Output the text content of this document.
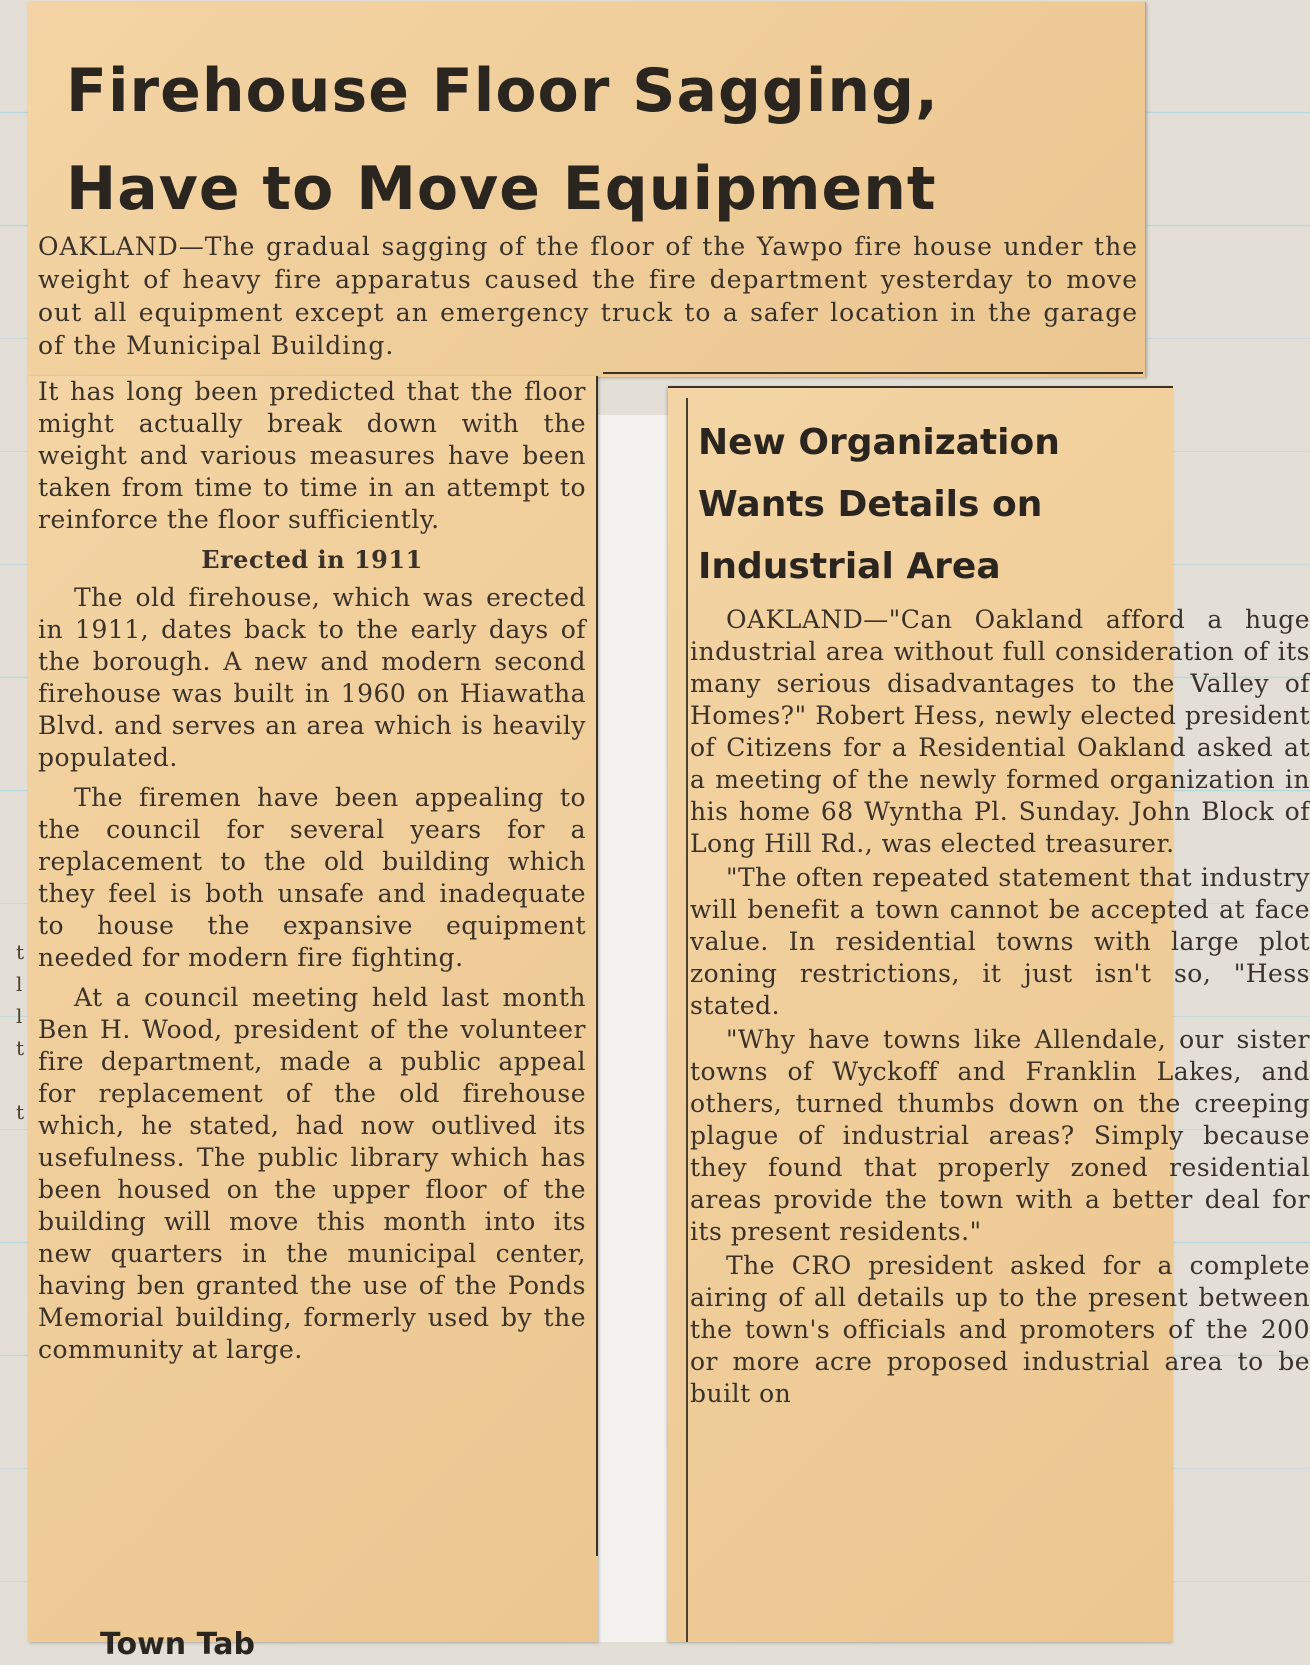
t
l
l
t
t
Firehouse Floor Sagging, Have to Move Equipment

OAKLAND—The gradual sagging of the floor of the Yawpo fire house under the weight of heavy fire apparatus caused the fire department yesterday to move out all equipment except an emergency truck to a safer location in the garage of the Municipal Building.

It has long been predicted that the floor might actually break down with the weight and various measures have been taken from time to time in an attempt to reinforce the floor sufficiently.

Erected in 1911

The old firehouse, which was erected in 1911, dates back to the early days of the borough. A new and modern second firehouse was built in 1960 on Hiawatha Blvd. and serves an area which is heavily populated.

The firemen have been appealing to the council for several years for a replacement to the old building which they feel is both unsafe and inadequate to house the expansive equipment needed for modern fire fighting.

At a council meeting held last month Ben H. Wood, president of the volunteer fire department, made a public appeal for replacement of the old firehouse which, he stated, had now outlived its usefulness. The public library which has been housed on the upper floor of the building will move this month into its new quarters in the municipal center, having ben granted the use of the Ponds Memorial building, formerly used by the community at large.

New Organization Wants Details on Industrial Area

OAKLAND—"Can Oakland afford a huge industrial area without full consideration of its many serious disadvantages to the Valley of Homes?" Robert Hess, newly elected president of Citizens for a Residential Oakland asked at a meeting of the newly formed organization in his home 68 Wyntha Pl. Sunday. John Block of Long Hill Rd., was elected treasurer.

"The often repeated statement that industry will benefit a town cannot be accepted at face value. In residential towns with large plot zoning restrictions, it just isn't so, "Hess stated.

"Why have towns like Allendale, our sister towns of Wyckoff and Franklin Lakes, and others, turned thumbs down on the creeping plague of industrial areas? Simply because they found that properly zoned residential areas provide the town with a better deal for its present residents."

The CRO president asked for a complete airing of all details up to the present between the town's officials and promoters of the 200 or more acre proposed industrial area to be built on

Town Tab
